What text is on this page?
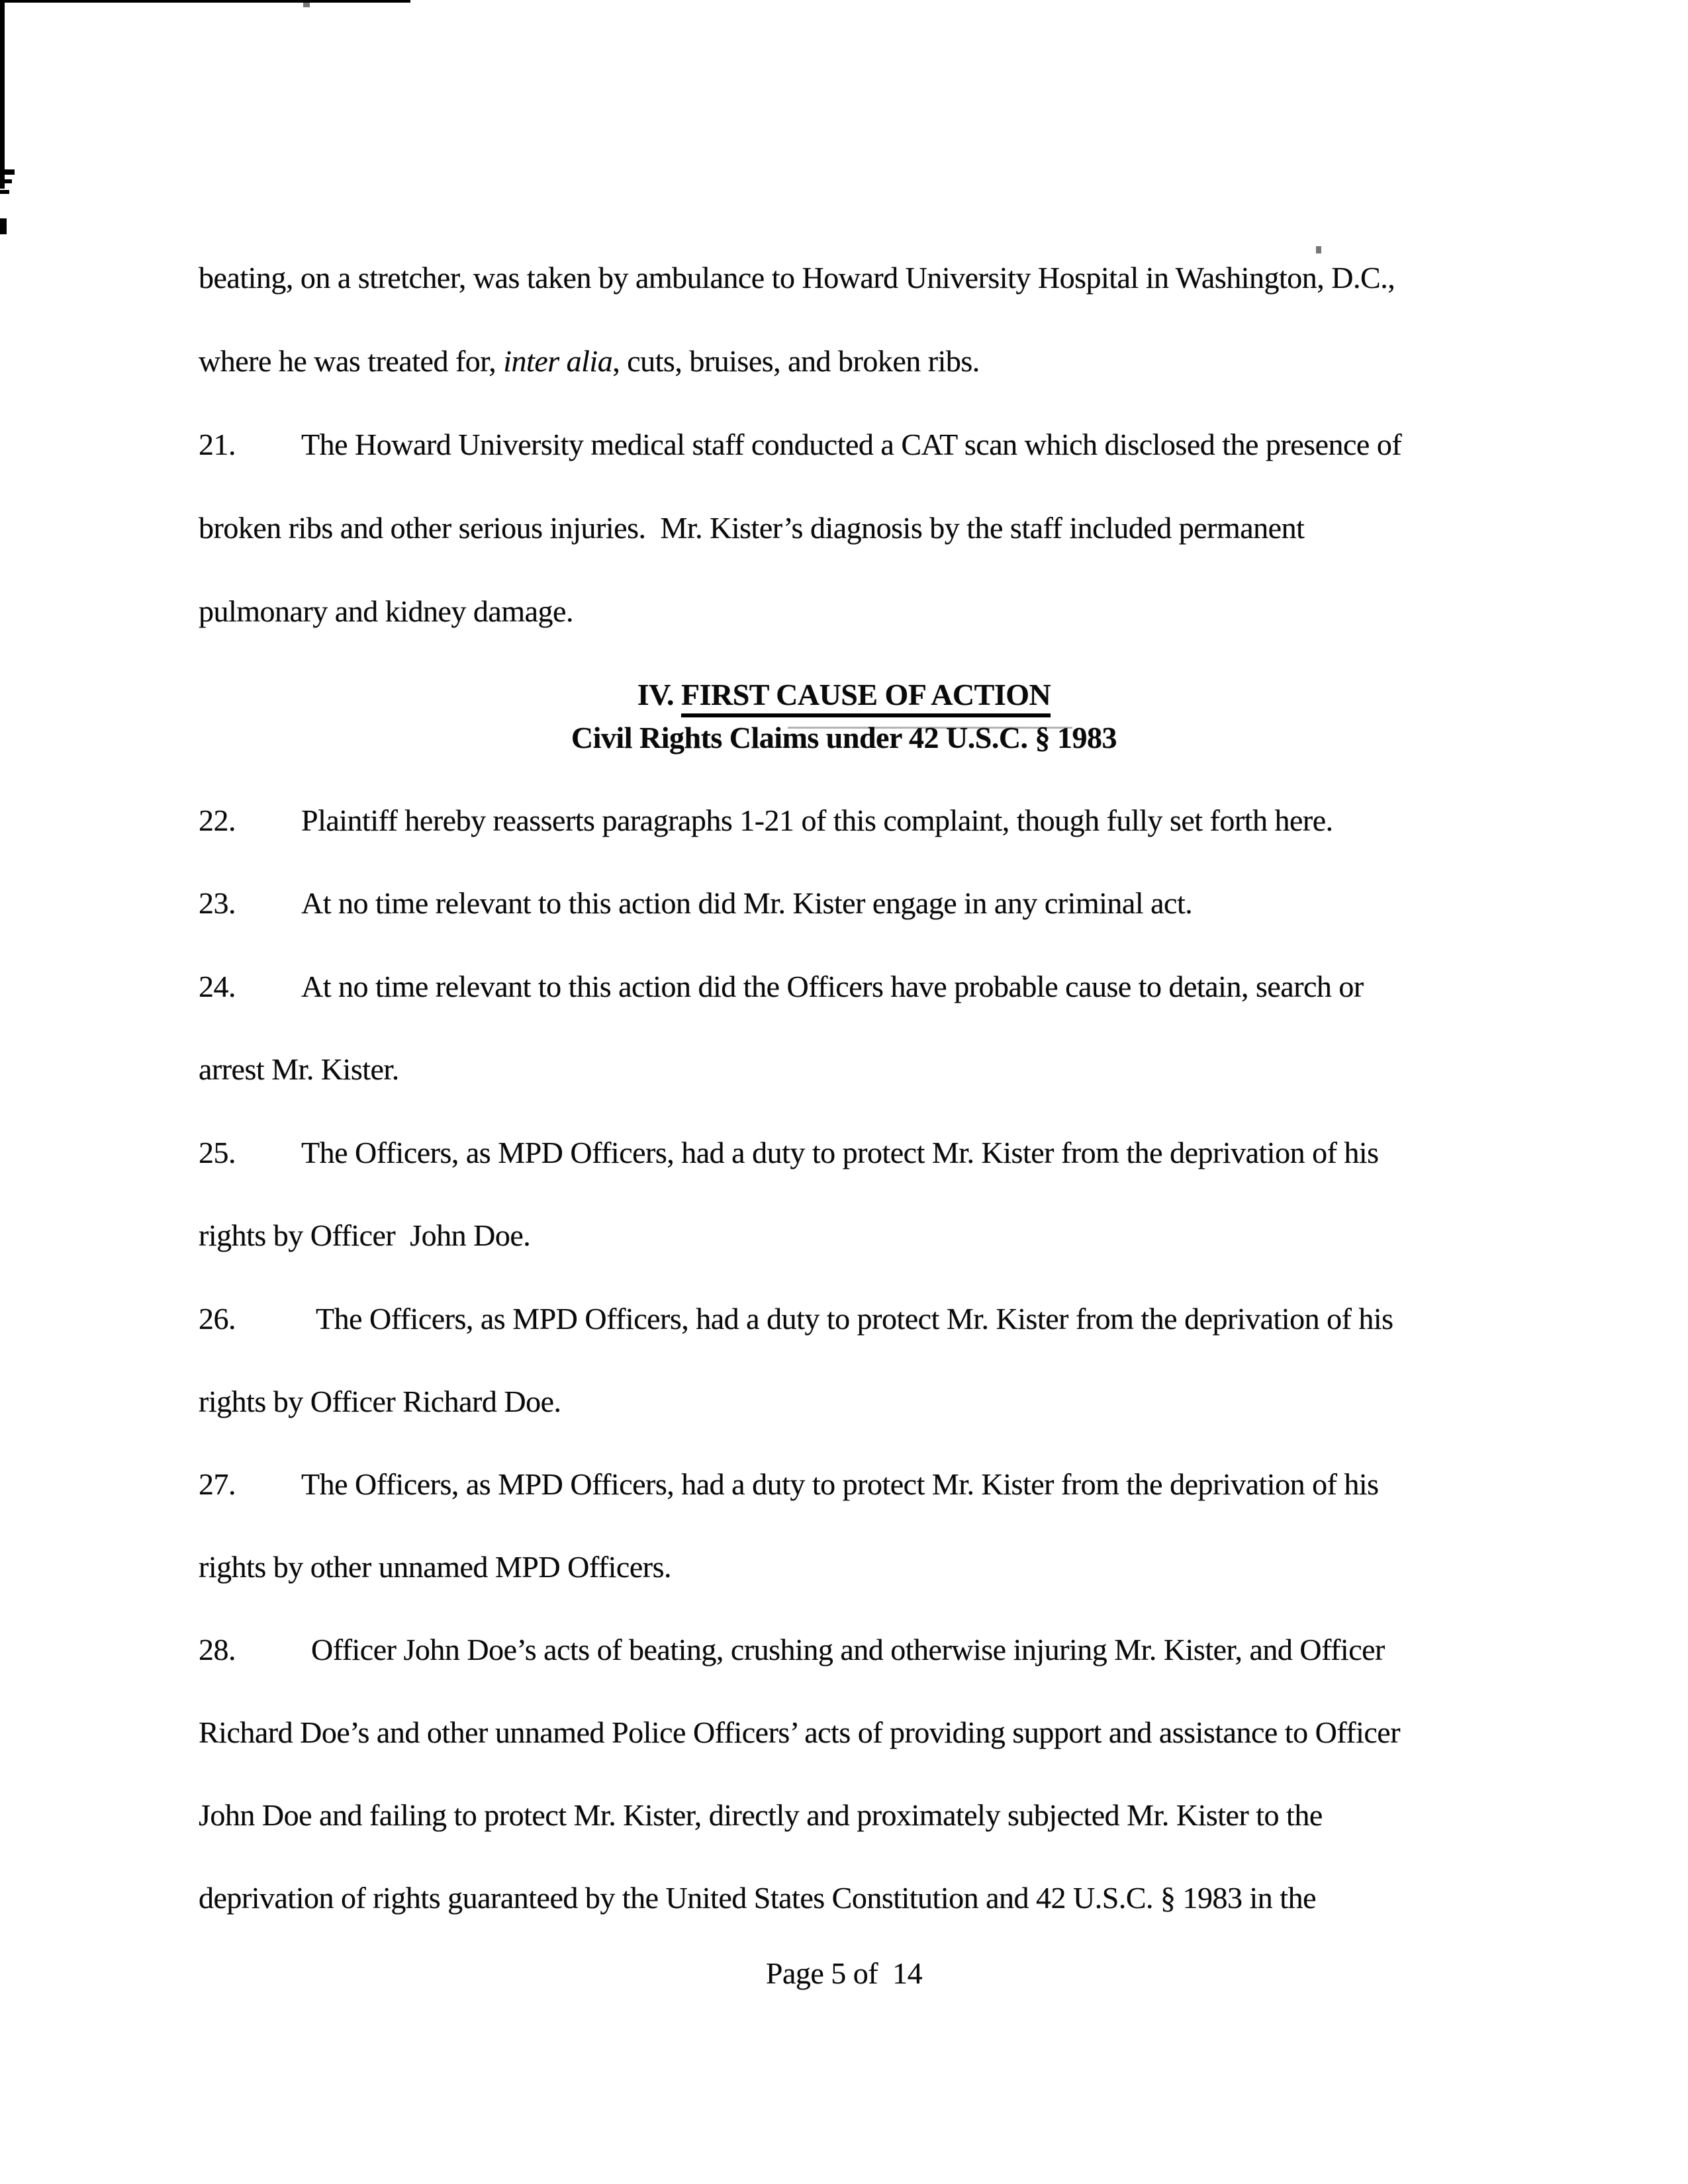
beating, on a stretcher, was taken by ambulance to Howard University Hospital in Washington, D.C.,
where he was treated for, inter alia, cuts, bruises, and broken ribs.
21. The Howard University medical staff conducted a CAT scan which disclosed the presence of
broken ribs and other serious injuries.  Mr. Kister’s diagnosis by the staff included permanent
pulmonary and kidney damage.
IV. FIRST CAUSE OF ACTION
Civil Rights Claims under 42 U.S.C. § 1983
22. Plaintiff hereby reasserts paragraphs 1-21 of this complaint, though fully set forth here.
23. At no time relevant to this action did Mr. Kister engage in any criminal act.
24. At no time relevant to this action did the Officers have probable cause to detain, search or
arrest Mr. Kister.
25. The Officers, as MPD Officers, had a duty to protect Mr. Kister from the deprivation of his
rights by Officer  John Doe.
26.	The Officers, as MPD Officers, had a duty to protect Mr. Kister from the deprivation of his
rights by Officer Richard Doe.
27. The Officers, as MPD Officers, had a duty to protect Mr. Kister from the deprivation of his
rights by other unnamed MPD Officers.
28. Officer John Doe’s acts of beating, crushing and otherwise injuring Mr. Kister, and Officer
Richard Doe’s and other unnamed Police Officers’ acts of providing support and assistance to Officer
John Doe and failing to protect Mr. Kister, directly and proximately subjected Mr. Kister to the
deprivation of rights guaranteed by the United States Constitution and 42 U.S.C. § 1983 in the
Page 5 of  14
